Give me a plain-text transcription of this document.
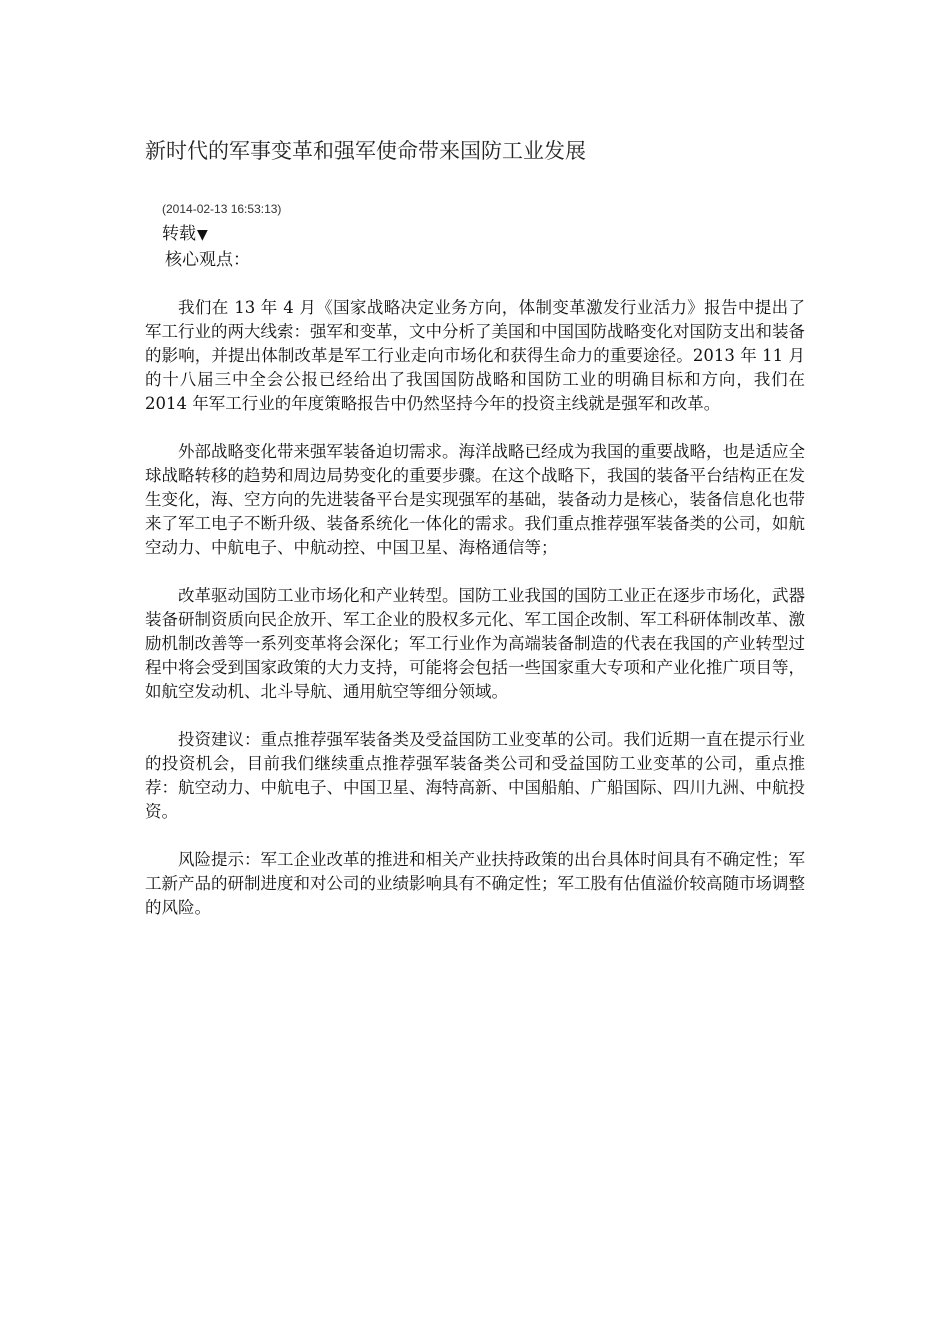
新时代的军事变革和强军使命带来国防工业发展
(2014-02-13 16:53:13)
转载▼
核心观点：

我们在 13 年 4 月《国家战略决定业务方向，体制变革激发行业活力》报告中提出了军工行业的两大线索：强军和变革，文中分析了美国和中国国防战略变化对国防支出和装备的影响，并提出体制改革是军工行业走向市场化和获得生命力的重要途径。2013 年 11 月的十八届三中全会公报已经给出了我国国防战略和国防工业的明确目标和方向，我们在 2014 年军工行业的年度策略报告中仍然坚持今年的投资主线就是强军和改革。

外部战略变化带来强军装备迫切需求。海洋战略已经成为我国的重要战略，也是适应全球战略转移的趋势和周边局势变化的重要步骤。在这个战略下，我国的装备平台结构正在发生变化，海、空方向的先进装备平台是实现强军的基础，装备动力是核心，装备信息化也带来了军工电子不断升级、装备系统化一体化的需求。我们重点推荐强军装备类的公司，如航空动力、中航电子、中航动控、中国卫星、海格通信等；

改革驱动国防工业市场化和产业转型。国防工业我国的国防工业正在逐步市场化，武器装备研制资质向民企放开、军工企业的股权多元化、军工国企改制、军工科研体制改革、激励机制改善等一系列变革将会深化；军工行业作为高端装备制造的代表在我国的产业转型过程中将会受到国家政策的大力支持，可能将会包括一些国家重大专项和产业化推广项目等，如航空发动机、北斗导航、通用航空等细分领域。

投资建议：重点推荐强军装备类及受益国防工业变革的公司。我们近期一直在提示行业的投资机会，目前我们继续重点推荐强军装备类公司和受益国防工业变革的公司，重点推荐：航空动力、中航电子、中国卫星、海特高新、中国船舶、广船国际、四川九洲、中航投资。

风险提示：军工企业改革的推进和相关产业扶持政策的出台具体时间具有不确定性；军工新产品的研制进度和对公司的业绩影响具有不确定性；军工股有估值溢价较高随市场调整的风险。
